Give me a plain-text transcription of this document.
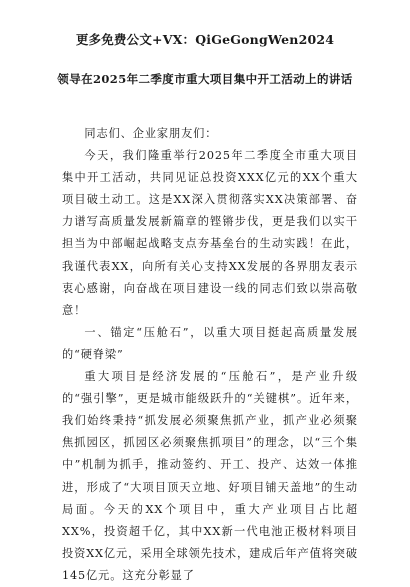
更多免费公文+VX：QiGeGongWen2024
领导在2025年二季度市重大项目集中开工活动上的讲话

同志们、企业家朋友们：

今天，我们隆重举行2025年二季度全市重大项目集中开工活动，共同见证总投资XXX亿元的XX个重大项目破土动工。这是XX深入贯彻落实XX决策部署、奋力谱写高质量发展新篇章的铿锵步伐，更是我们以实干担当为中部崛起战略支点夯基垒台的生动实践！在此，我谨代表XX，向所有关心支持XX发展的各界朋友表示衷心感谢，向奋战在项目建设一线的同志们致以崇高敬意！

一、锚定“压舱石”，以重大项目挺起高质量发展的“硬脊梁”

重大项目是经济发展的“压舱石”，是产业升级的“强引擎”，更是城市能级跃升的“关键棋”。近年来，我们始终秉持“抓发展必须聚焦抓产业，抓产业必须聚焦抓园区，抓园区必须聚焦抓项目”的理念，以“三个集中”机制为抓手，推动签约、开工、投产、达效一体推进，形成了“大项目顶天立地、好项目铺天盖地”的生动局面。今天的XX个项目中，重大产业项目占比超XX%，投资超千亿，其中XX新一代电池正极材料项目投资XX亿元，采用全球领先技术，建成后年产值将突破145亿元。这充分彰显了
